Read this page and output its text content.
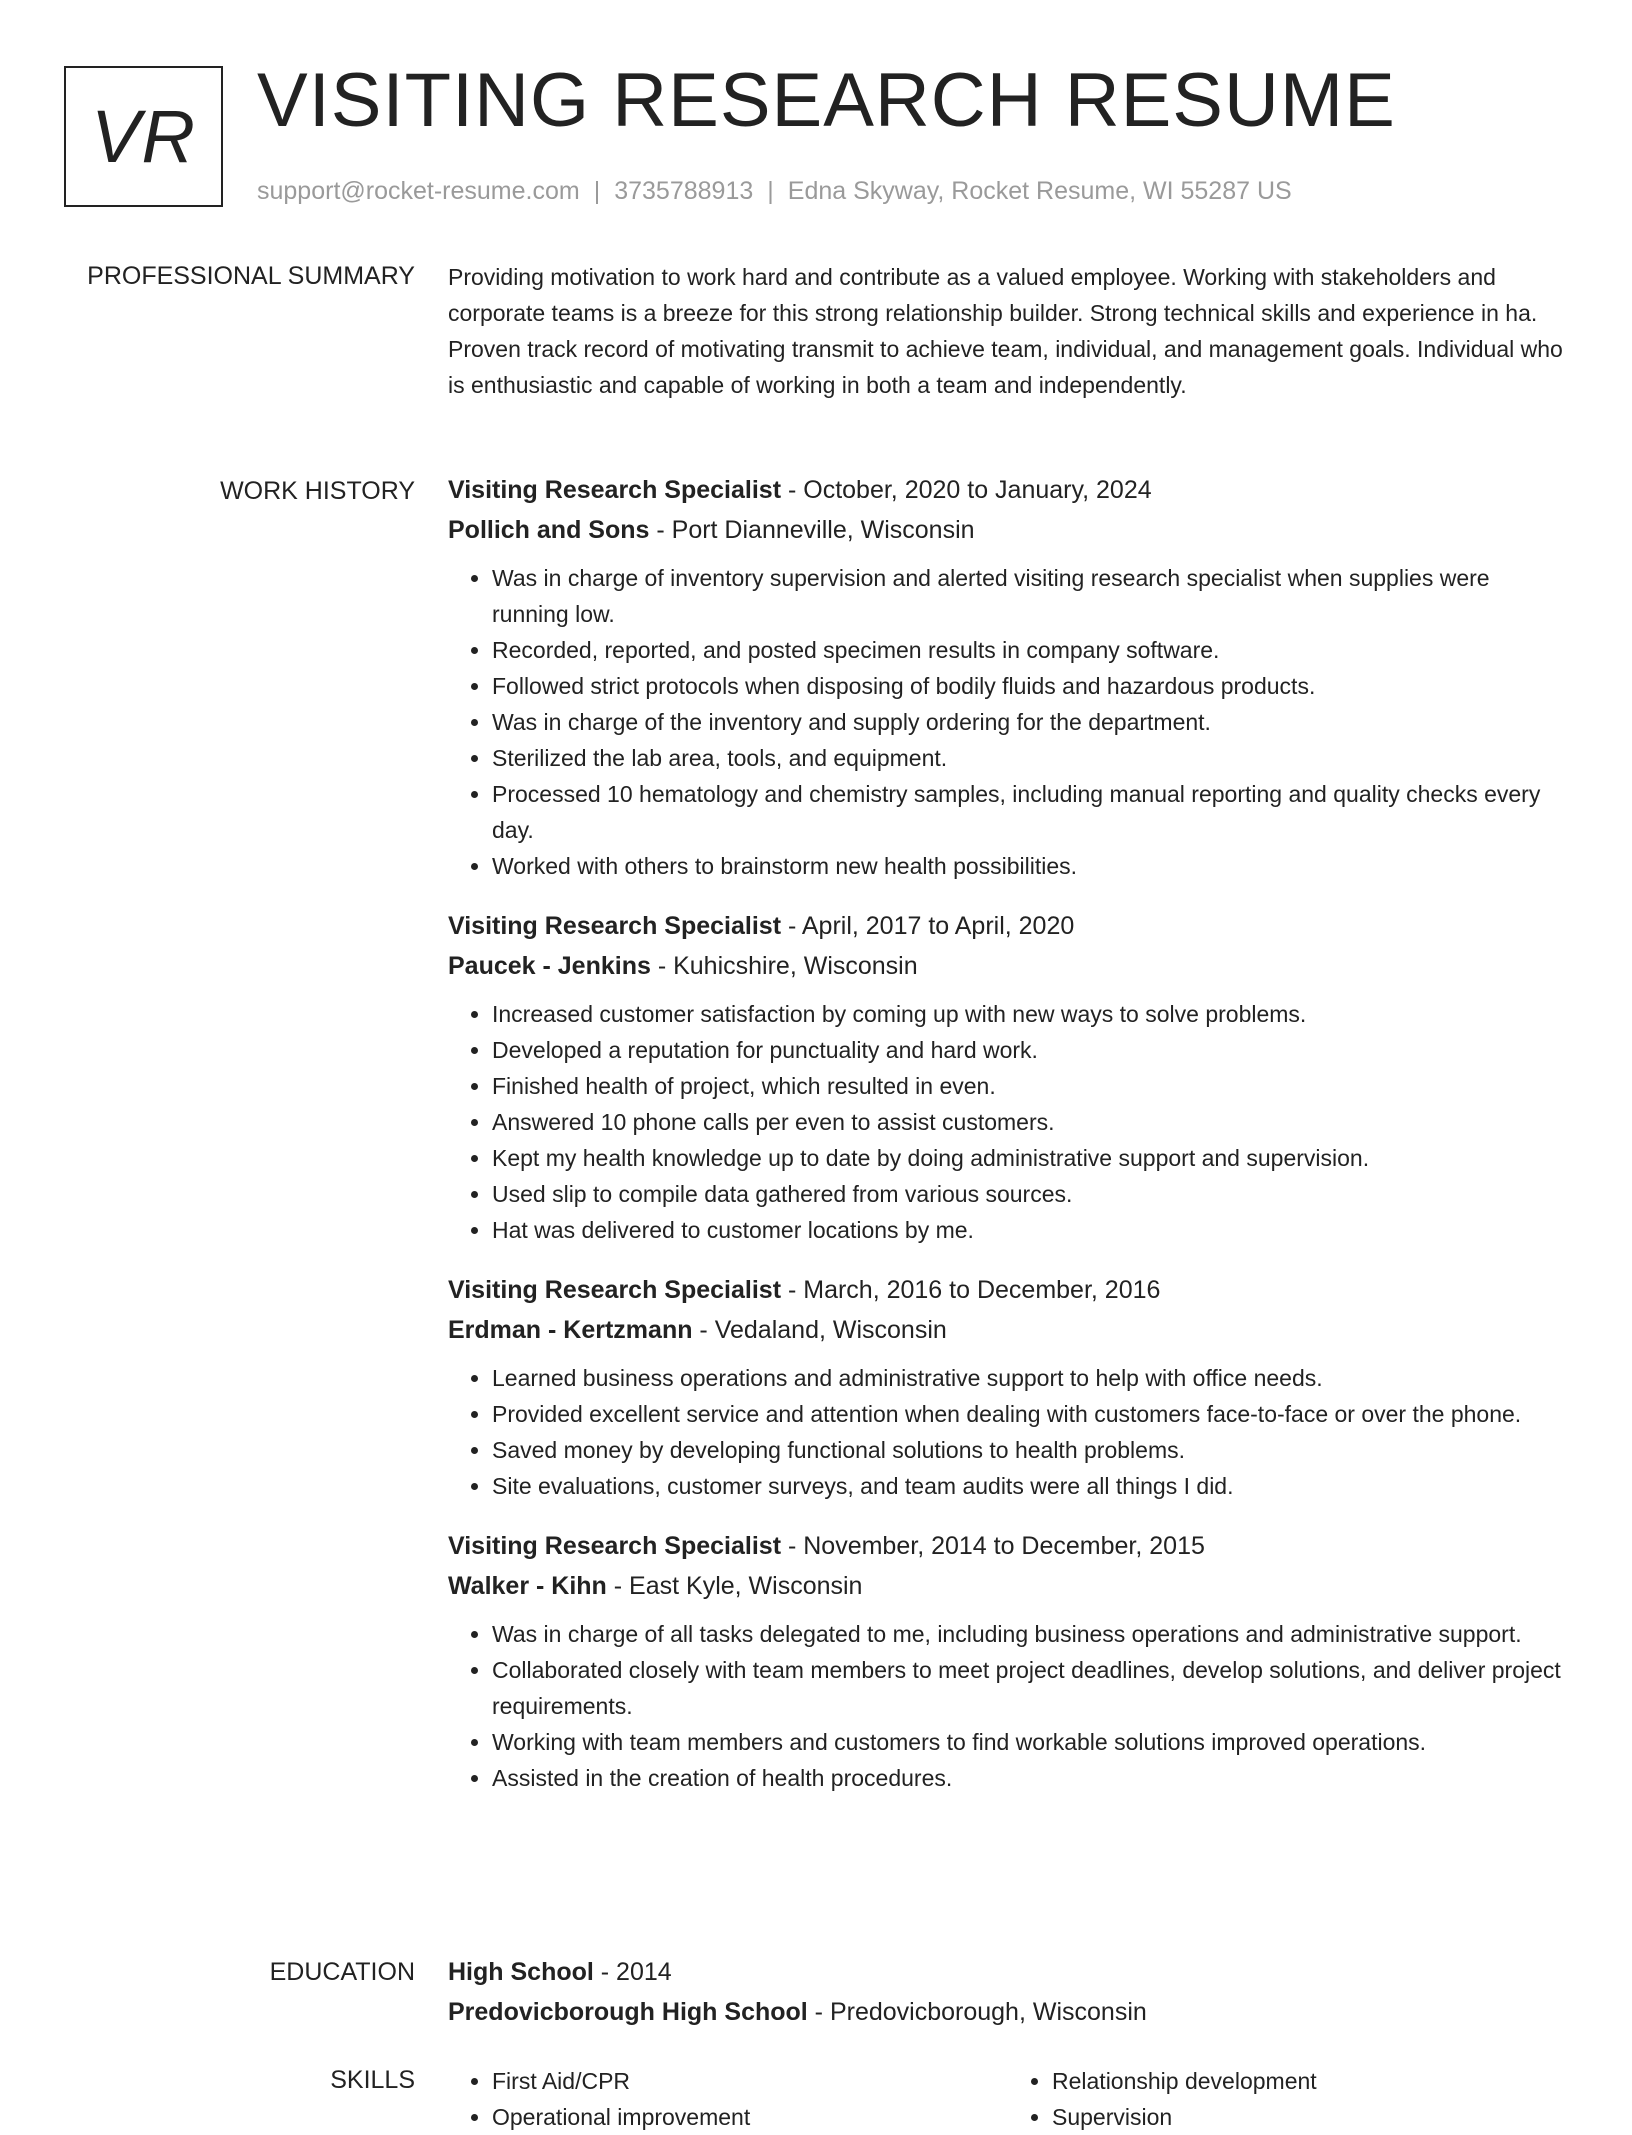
VR VISITING RESEARCH RESUME
support@rocket-resume.com | 3735788913 | Edna Skyway, Rocket Resume, WI 55287 US
PROFESSIONAL SUMMARY Providing motivation to work hard and contribute as a valued employee. Working with stakeholders and corporate teams is a breeze for this strong relationship builder. Strong technical skills and experience in ha. Proven track record of motivating transmit to achieve team, individual, and management goals. Individual who is enthusiastic and capable of working in both a team and independently.

WORK HISTORY Visiting Research Specialist - October, 2020 to January, 2024
Pollich and Sons - Port Dianneville, Wisconsin
• Was in charge of inventory supervision and alerted visiting research specialist when supplies were running low.
• Recorded, reported, and posted specimen results in company software.
• Followed strict protocols when disposing of bodily fluids and hazardous products.
• Was in charge of the inventory and supply ordering for the department.
• Sterilized the lab area, tools, and equipment.
• Processed 10 hematology and chemistry samples, including manual reporting and quality checks every day.
• Worked with others to brainstorm new health possibilities.
Visiting Research Specialist - April, 2017 to April, 2020
Paucek - Jenkins - Kuhicshire, Wisconsin
• Increased customer satisfaction by coming up with new ways to solve problems.
• Developed a reputation for punctuality and hard work.
• Finished health of project, which resulted in even.
• Answered 10 phone calls per even to assist customers.
• Kept my health knowledge up to date by doing administrative support and supervision.
• Used slip to compile data gathered from various sources.
• Hat was delivered to customer locations by me.
Visiting Research Specialist - March, 2016 to December, 2016
Erdman - Kertzmann - Vedaland, Wisconsin
• Learned business operations and administrative support to help with office needs.
• Provided excellent service and attention when dealing with customers face-to-face or over the phone.
• Saved money by developing functional solutions to health problems.
• Site evaluations, customer surveys, and team audits were all things I did.
Visiting Research Specialist - November, 2014 to December, 2015
Walker - Kihn - East Kyle, Wisconsin
• Was in charge of all tasks delegated to me, including business operations and administrative support.
• Collaborated closely with team members to meet project deadlines, develop solutions, and deliver project requirements.
• Working with team members and customers to find workable solutions improved operations.
• Assisted in the creation of health procedures.
EDUCATION High School - 2014
Predovicborough High School - Predovicborough, Wisconsin
SKILLS
•	First Aid/CPR
• Operational improvement
• Relationship development
• Supervision
